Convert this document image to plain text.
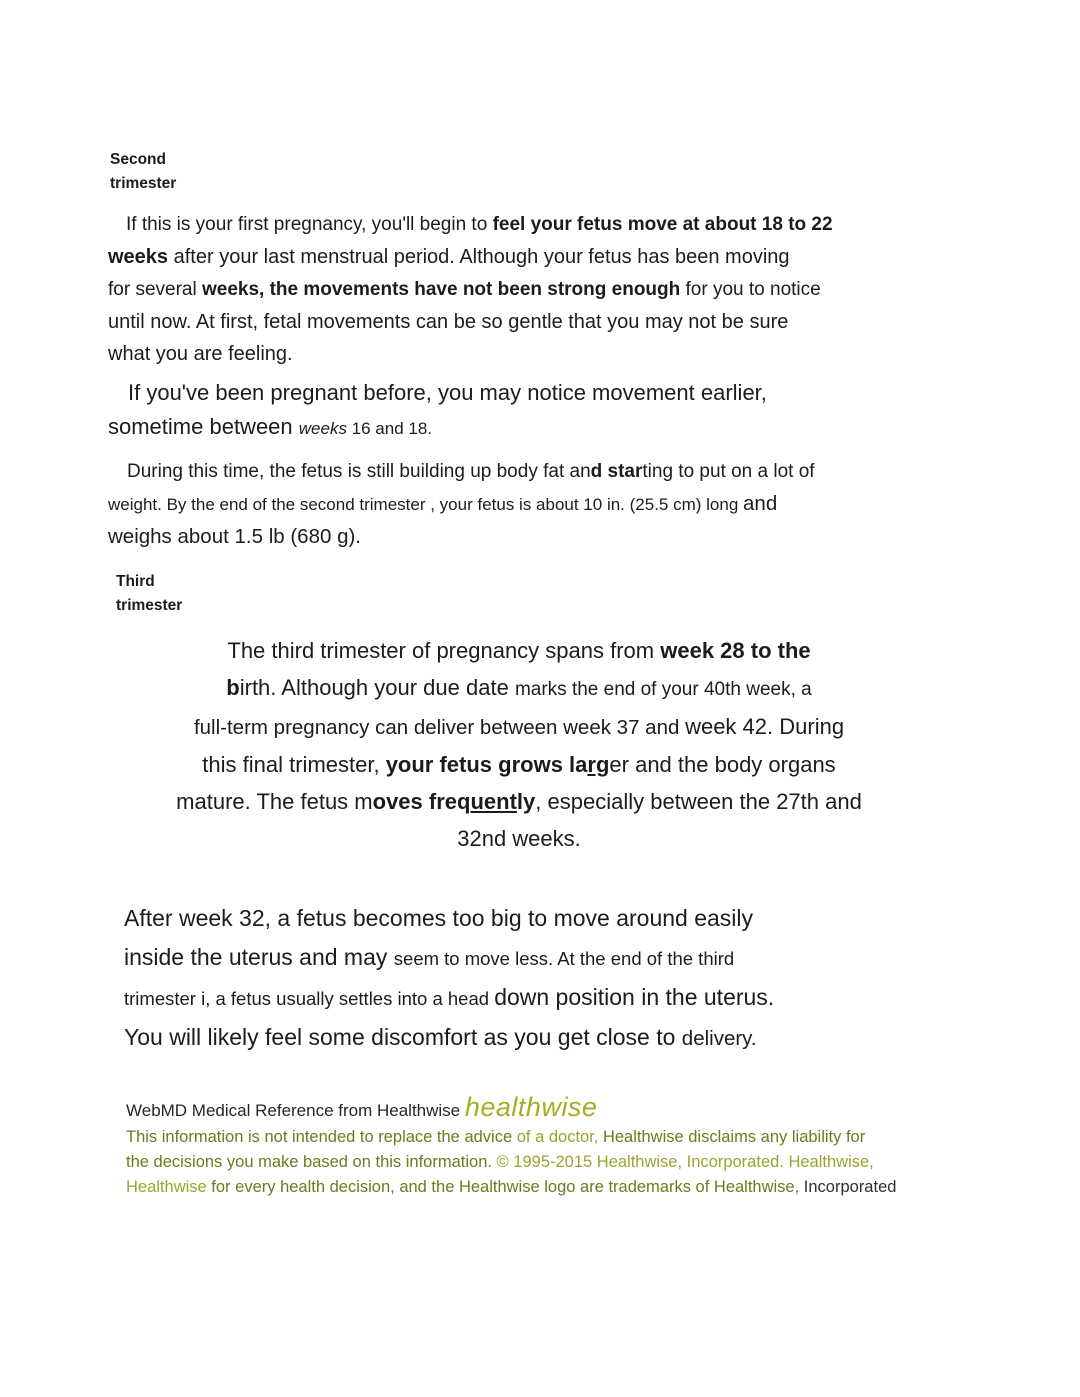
Second
trimester
If this is your first pregnancy, you'll begin to feel your fetus move at about 18 to 22
weeks after your last menstrual period. Although your fetus has been moving
for several weeks, the movements have not been strong enough for you to notice
until now. At first, fetal movements can be so gentle that you may not be sure
what you are feeling.
If you've been pregnant before, you may notice movement earlier,
sometime between weeks 16 and 18.
During this time, the fetus is still building up body fat and starting to put on a lot of
weight. By the end of the second trimester , your fetus is about 10 in. (25.5 cm) long and
weighs about 1.5 lb (680 g).
Third
trimester
The third trimester of pregnancy spans from week 28 to the
birth. Although your due date marks the end of your 40th week, a
full-term pregnancy can deliver between week 37 and week 42. During
this final trimester, your fetus grows larger and the body organs
mature. The fetus moves frequently, especially between the 27th and
32nd weeks.
After week 32, a fetus becomes too big to move around easily
inside the uterus and may seem to move less. At the end of the third
trimester i, a fetus usually settles into a head down position in the uterus.
You will likely feel some discomfort as you get close to delivery.
WebMD Medical Reference from Healthwise healthwise
This information is not intended to replace the advice of a doctor, Healthwise disclaims any liability for
the decisions you make based on this information. © 1995-2015 Healthwise, Incorporated. Healthwise,
Healthwise for every health decision, and the Healthwise logo are trademarks of Healthwise, Incorporated
